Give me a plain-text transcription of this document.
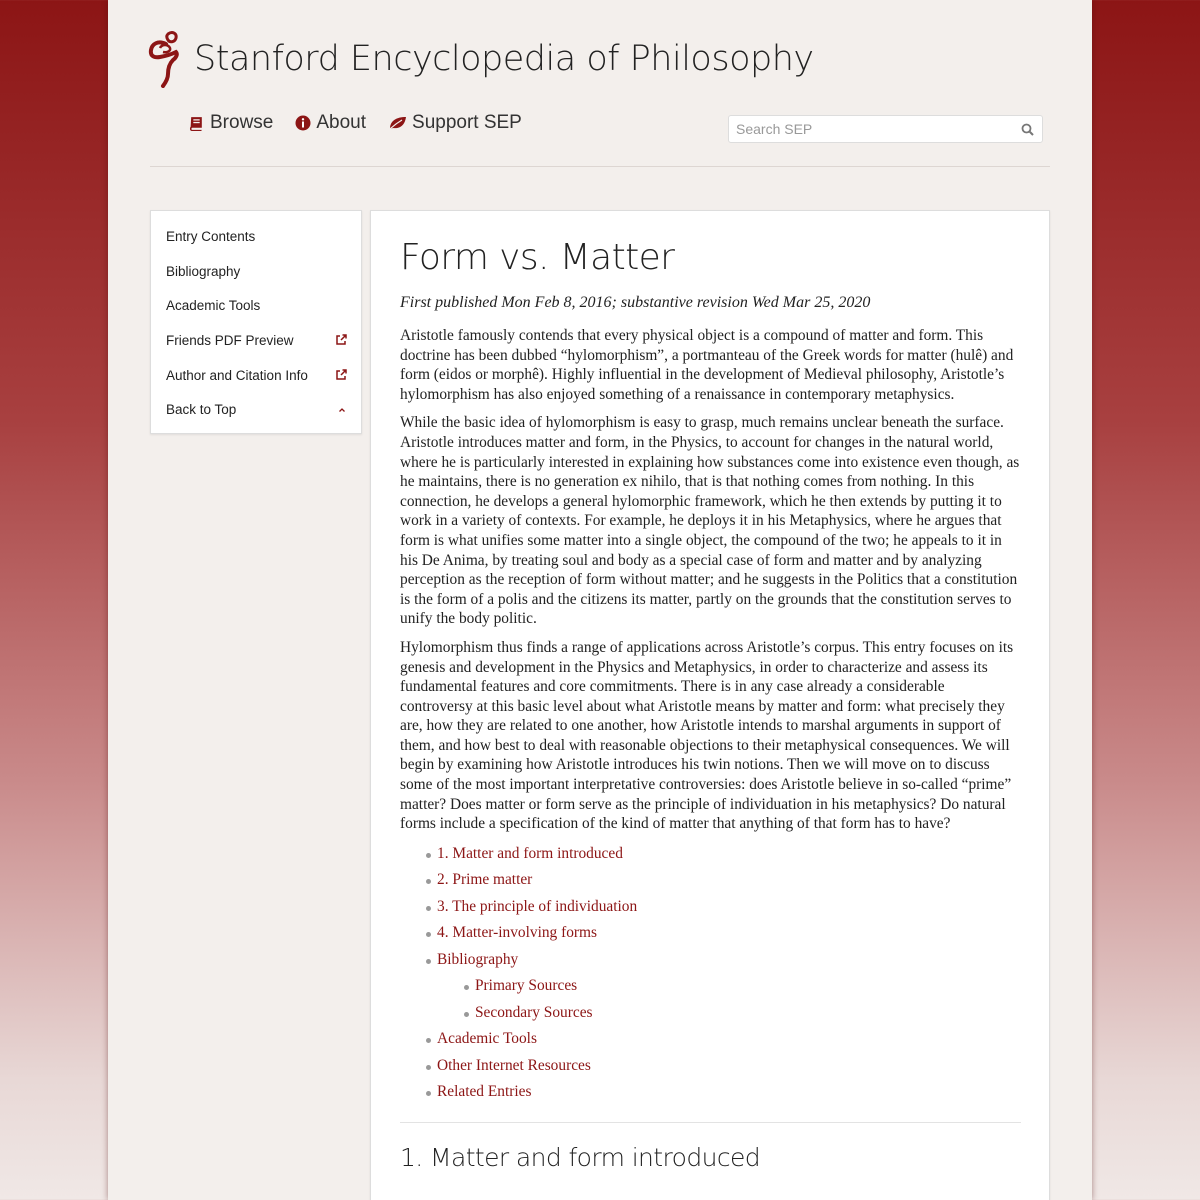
Stanford Encyclopedia of Philosophy
Browse About Support SEP
Search SEP
Entry Contents
Bibliography
Academic Tools
Friends PDF Preview
Author and Citation Info
Back to Top
Form vs. Matter
First published Mon Feb 8, 2016; substantive revision Wed Mar 25, 2020

Aristotle famously contends that every physical object is a compound of matter and form. This doctrine has been dubbed “hylomorphism”, a portmanteau of the Greek words for matter (hulê) and form (eidos or morphê). Highly influential in the development of Medieval philosophy, Aristotle’s hylomorphism has also enjoyed something of a renaissance in contemporary metaphysics.

While the basic idea of hylomorphism is easy to grasp, much remains unclear beneath the surface. Aristotle introduces matter and form, in the Physics, to account for changes in the natural world, where he is particularly interested in explaining how substances come into existence even though, as he maintains, there is no generation ex nihilo, that is that nothing comes from nothing. In this connection, he develops a general hylomorphic framework, which he then extends by putting it to work in a variety of contexts. For example, he deploys it in his Metaphysics, where he argues that form is what unifies some matter into a single object, the compound of the two; he appeals to it in his De Anima, by treating soul and body as a special case of form and matter and by analyzing perception as the reception of form without matter; and he suggests in the Politics that a constitution is the form of a polis and the citizens its matter, partly on the grounds that the constitution serves to unify the body politic.

Hylomorphism thus finds a range of applications across Aristotle’s corpus. This entry focuses on its genesis and development in the Physics and Metaphysics, in order to characterize and assess its fundamental features and core commitments. There is in any case already a considerable controversy at this basic level about what Aristotle means by matter and form: what precisely they are, how they are related to one another, how Aristotle intends to marshal arguments in support of them, and how best to deal with reasonable objections to their metaphysical consequences. We will begin by examining how Aristotle introduces his twin notions. Then we will move on to discuss some of the most important interpretative controversies: does Aristotle believe in so-called “prime” matter? Does matter or form serve as the principle of individuation in his metaphysics? Do natural forms include a specification of the kind of matter that anything of that form has to have?

1. Matter and form introduced
2. Prime matter
3. The principle of individuation
4. Matter-involving forms
Bibliography
Primary Sources
Secondary Sources
Academic Tools
Other Internet Resources
Related Entries
1. Matter and form introduced
